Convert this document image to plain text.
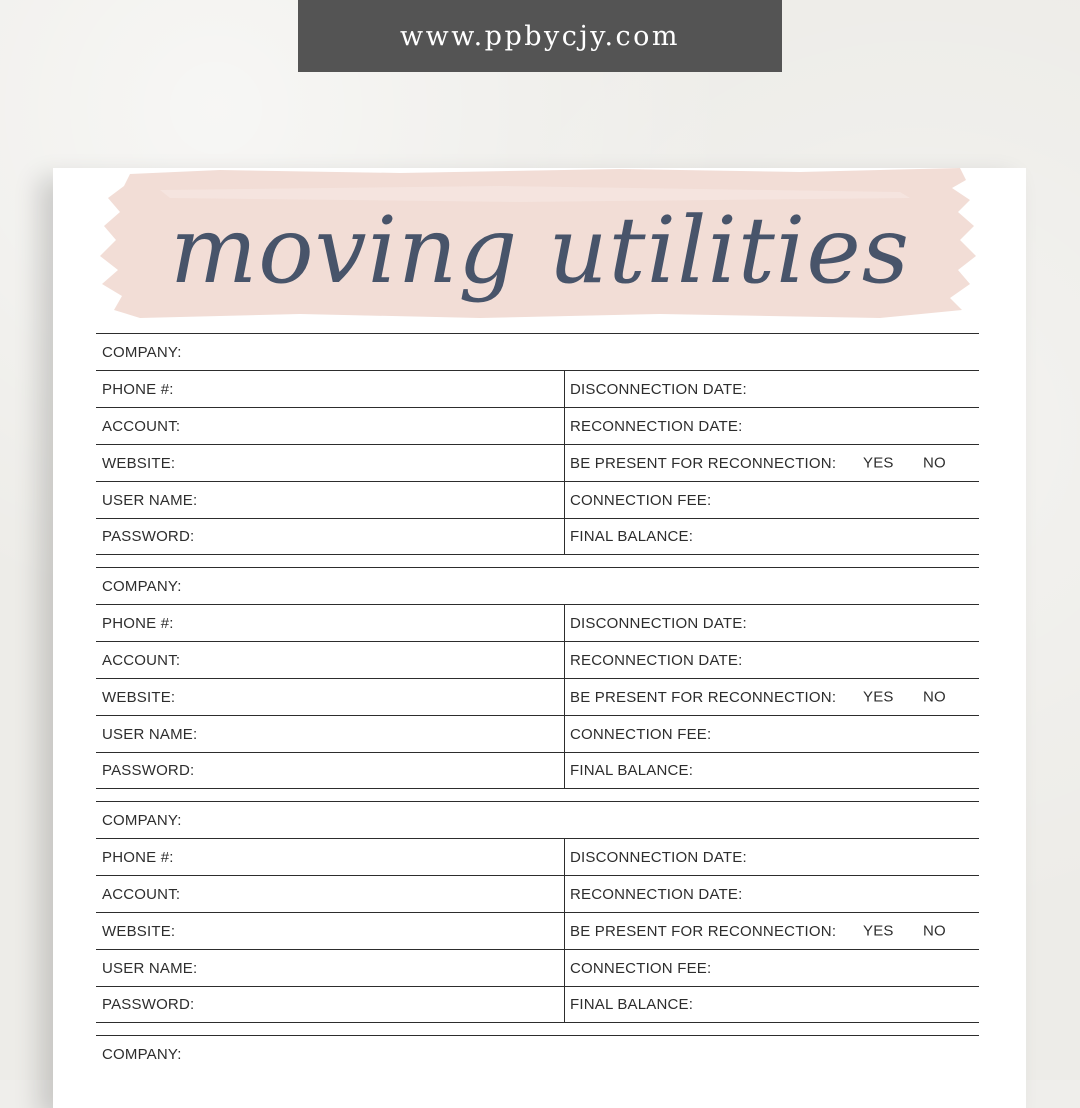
www.ppbycjy.com
moving utilities
COMPANY:
PHONE #:	DISCONNECTION DATE:
ACCOUNT:	RECONNECTION DATE:
WEBSITE:	BE PRESENT FOR RECONNECTION: YES NO
USER NAME:	CONNECTION FEE:
PASSWORD:	FINAL BALANCE:
COMPANY:
PHONE #:	DISCONNECTION DATE:
ACCOUNT:	RECONNECTION DATE:
WEBSITE:	BE PRESENT FOR RECONNECTION: YES NO
USER NAME:	CONNECTION FEE:
PASSWORD:	FINAL BALANCE:
COMPANY:
PHONE #:	DISCONNECTION DATE:
ACCOUNT:	RECONNECTION DATE:
WEBSITE:	BE PRESENT FOR RECONNECTION: YES NO
USER NAME:	CONNECTION FEE:
PASSWORD:	FINAL BALANCE:
COMPANY:
